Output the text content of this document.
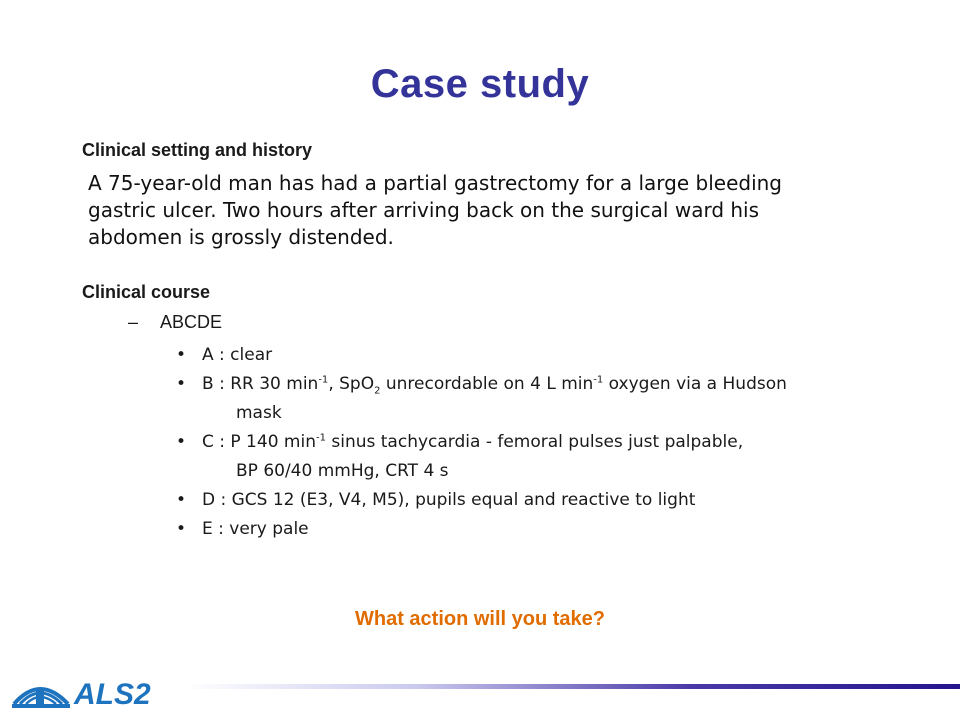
Case study
Clinical setting and history
A 75-year-old man has had a partial gastrectomy for a large bleeding gastric ulcer. Two hours after arriving back on the surgical ward his abdomen is grossly distended.
Clinical course
– ABCDE
• A : clear
• B : RR 30 $\min^{-1}$, SpO$_2$ unrecordable on 4 L $\min^{-1}$ oxygen via a Hudson
mask
• C : P 140 $\min^{-1}$ sinus tachycardia - femoral pulses just palpable,
BP 60/40 mmHg, CRT 4 s
• D : GCS 12 (E3, V4, M5), pupils equal and reactive to light
• E : very pale
What action will you take?
ALS2
